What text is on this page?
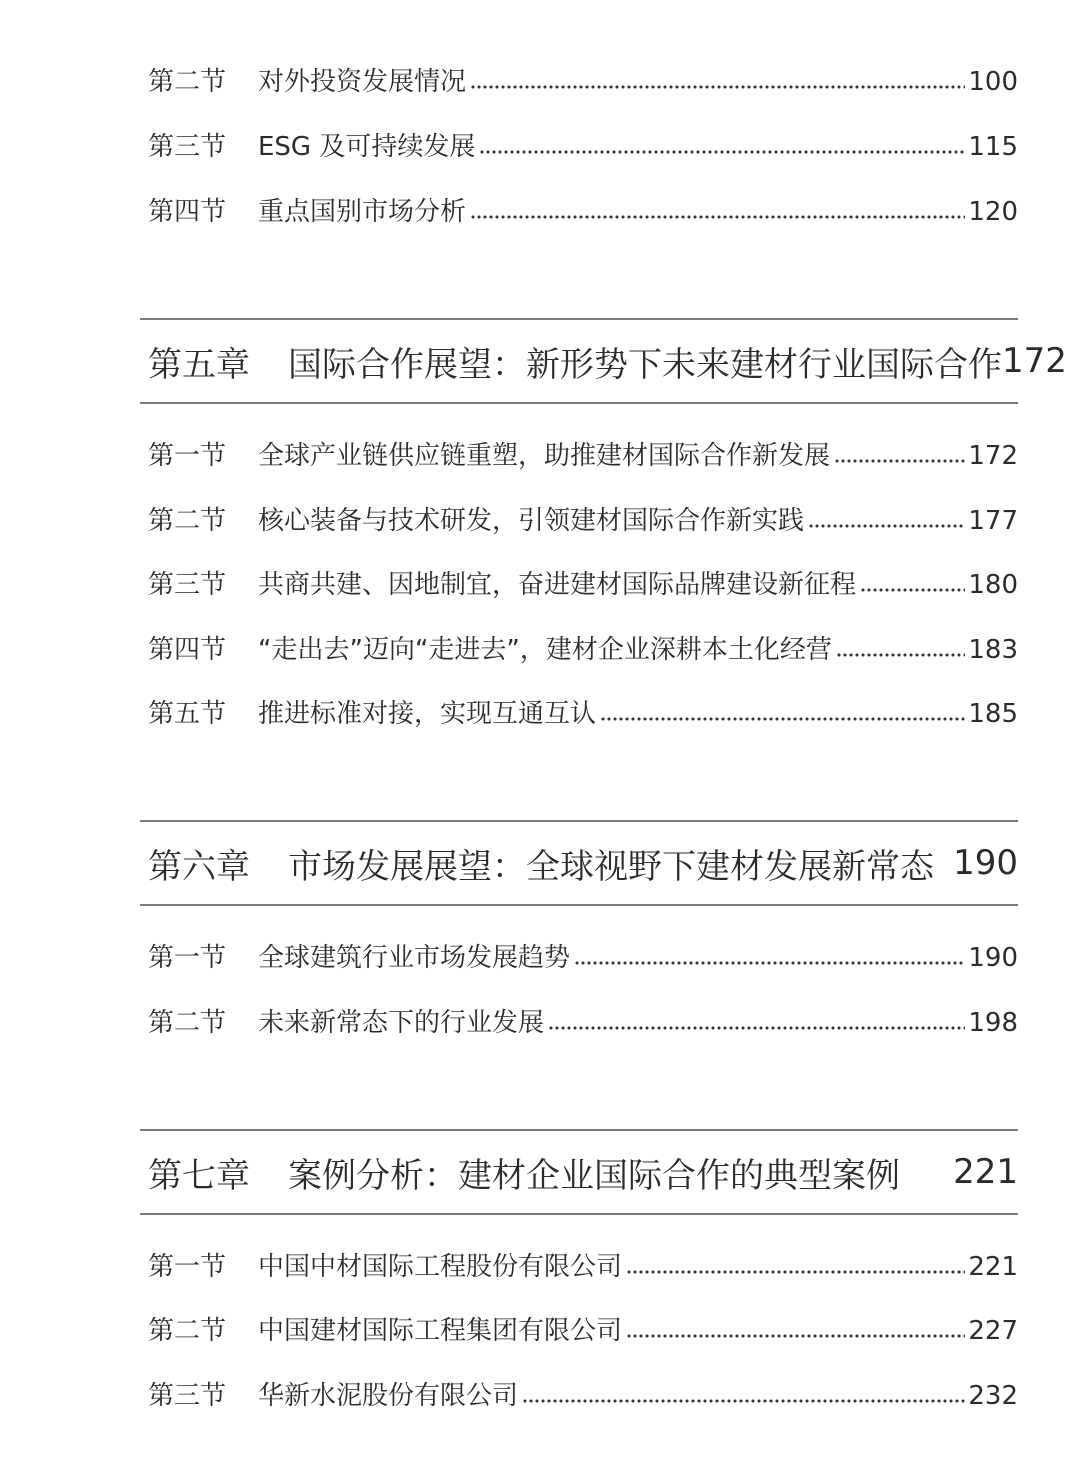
第二节	对外投资发展情况	100
第三节	ESG 及可持续发展	115
第四节	重点国别市场分析	120
第五章	国际合作展望：新形势下未来建材行业国际合作 172
第一节	全球产业链供应链重塑，助推建材国际合作新发展	172
第二节	核心装备与技术研发，引领建材国际合作新实践	177
第三节	共商共建、因地制宜，奋进建材国际品牌建设新征程	180
第四节	“走出去”迈向“走进去”，建材企业深耕本土化经营	183
第五节	推进标准对接，实现互通互认	185
第六章	市场发展展望：全球视野下建材发展新常态 190
第一节	全球建筑行业市场发展趋势	190
第二节	未来新常态下的行业发展	198
第七章	案例分析：建材企业国际合作的典型案例	221
第一节	中国中材国际工程股份有限公司	221
第二节	中国建材国际工程集团有限公司	227
第三节	华新水泥股份有限公司	232
